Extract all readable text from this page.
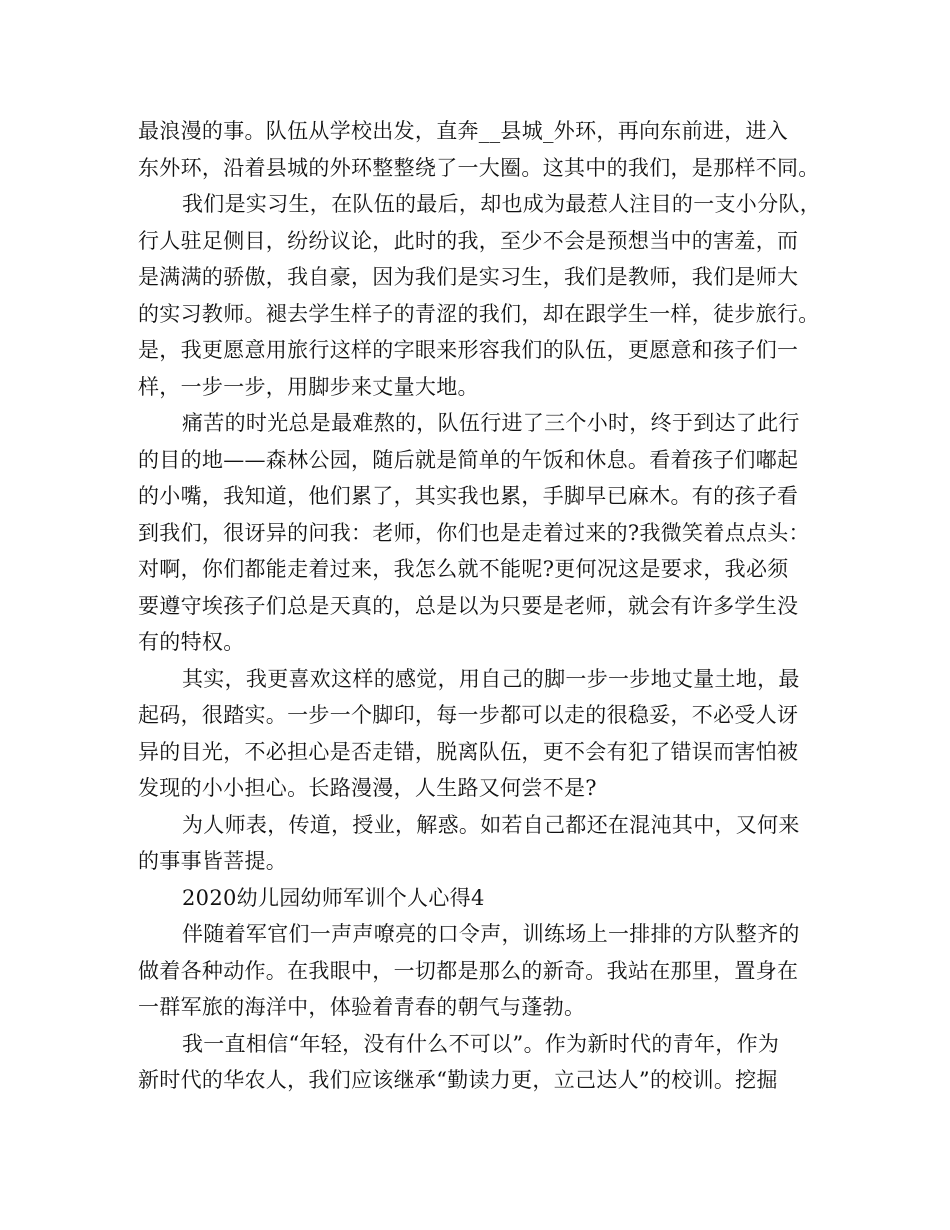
最浪漫的事。队伍从学校出发，直奔__县城_外环，再向东前进，进入
东外环，沿着县城的外环整整绕了一大圈。这其中的我们，是那样不同。
我们是实习生，在队伍的最后，却也成为最惹人注目的一支小分队，
行人驻足侧目，纷纷议论，此时的我，至少不会是预想当中的害羞，而
是满满的骄傲，我自豪，因为我们是实习生，我们是教师，我们是师大
的实习教师。褪去学生样子的青涩的我们，却在跟学生一样，徒步旅行。
是，我更愿意用旅行这样的字眼来形容我们的队伍，更愿意和孩子们一
样，一步一步，用脚步来丈量大地。
痛苦的时光总是最难熬的，队伍行进了三个小时，终于到达了此行
的目的地——森林公园，随后就是简单的午饭和休息。看着孩子们嘟起
的小嘴，我知道，他们累了，其实我也累，手脚早已麻木。有的孩子看
到我们，很讶异的问我：老师，你们也是走着过来的?我微笑着点点头：
对啊，你们都能走着过来，我怎么就不能呢?更何况这是要求，我必须
要遵守埃孩子们总是天真的，总是以为只要是老师，就会有许多学生没
有的特权。
其实，我更喜欢这样的感觉，用自己的脚一步一步地丈量土地，最
起码，很踏实。一步一个脚印，每一步都可以走的很稳妥，不必受人讶
异的目光，不必担心是否走错，脱离队伍，更不会有犯了错误而害怕被
发现的小小担心。长路漫漫，人生路又何尝不是?
为人师表，传道，授业，解惑。如若自己都还在混沌其中，又何来
的事事皆菩提。
2020幼儿园幼师军训个人心得4
伴随着军官们一声声嘹亮的口令声，训练场上一排排的方队整齐的
做着各种动作。在我眼中，一切都是那么的新奇。我站在那里，置身在
一群军旅的海洋中，体验着青春的朝气与蓬勃。
我一直相信“年轻，没有什么不可以”。作为新时代的青年，作为
新时代的华农人，我们应该继承“勤读力更，立己达人”的校训。挖掘
